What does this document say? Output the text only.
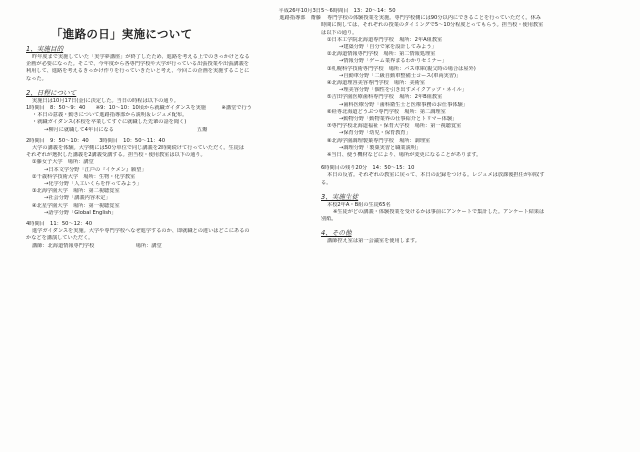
「進路の日」実施について
1、実施目的
昨年度まで実施していた「実学夢講座」が終了したため、進路を考える上でのきっかけとなる
企画が必要になった。そこで、今年度から各専門学校や大学が行っている出張授業や出張講義を
利用して、進路を考えるきっかけ作りを行っていきたいと考え、今回この企画を実施することに
なった。
2、日程について
実施日は10月17日(金)に決定した。当日の時程は以下の通り。
1時間目　8：50〜9：40　　※9：10〜10：10頃から就職ガイダンスを実施　　　※講堂で行う
・本日の意義・動きについて進路指導部から説明＆レジュメ配布。
・就職ガイダンス(本校を卒業してすぐに就職した先輩の話を聞く)
→柳月に就職して4年目になる　　　　　　　　　　　　　　　　五瓣
2時間目　9：50〜10：40　　3時間目　10：50〜11：40
大学の講義を体験。大学側には50分単位で同じ講義を2時間続けて行っていただく。生徒は
それぞれが選択した講義を2講義受講する。担当校・使用教室は以下の通り。
①藤女子大学　場所：講堂
→日本文学分野「江戸の『イケメン』願望」
②千歳科学技術大学　場所：生物・化学教室
→化学分野「人工いくらを作ってみよう」
③北海学園大学　場所：第二視聴覚室
→社会分野「講義内容未定」
④北星学園大学　場所：第一視聴覚室
→語学分野「Global English」
4時間目　11：50〜12：40
進学ガイダンスを実施。大学や専門学校へなぜ進学するのか、即就職との違いはどこにあるの
かなどを講演していただく。
講師：北海道情報専門学校　　　　　　　　場所：講堂
平成26年10月3日
進路指導部　齋藤
5〜6時間目　13：20〜14：50
専門学校の体験授業を実施。専門学校側には90分以内にできることを行っていただく。休み
時間に関しては、それぞれの授業のタイミングで5〜10分程度とってもらう。担当校・使用教室
は以下の通り。
①日本工学院北海道専門学校　場所：2年A組教室
→建築分野「自分で家を設計してみよう」
②北海道情報専門学校　場所：第二情報処理室
→情報分野「ゲーム業界まるわかりセミナー」
③札幌科学技術専門学校　場所：バス車庫(親父時の場合は屋外)
→自動車分野「二級自動車整備士コース(車両実習)」
④北海道理容美容専門学校　場所：美術室
→理美容分野「個性を引き出すメイクアップ・ネイル」
⑤吉田学園医療歯科専門学校　場所：2年B組教室
→歯科医療分野「歯科衛生士と医療事務のお仕事体験」
⑥経専北海道どうぶつ専門学校　場所：第二調理室
→動物分野「動物業界の仕事紹介とトリマー体験」
⑦専門学校北海道福祉・保育大学校　場所：第一視聴覚室
→保育分野「幼児・保育教育」
⑧北海学園調理製菓専門学校　場所：調理室
→調理分野「製菓実習と職業説明」
※当日、使う機材などにより、場所が変更になることがあります。
6時間目の残り20分　14：50〜15：10
本日の反省。それぞれの教室に戻って、本日の記録をつける。レジュメは放課後担任が回収す
る。
3、実施生徒
本校2年A・B組の生徒65名
※生徒がどの講義・体験授業を受けるかは事前にアンケートで集計した。アンケート結果は
別紙。
4、その他
講師控え室は第一会議室を使用します。
